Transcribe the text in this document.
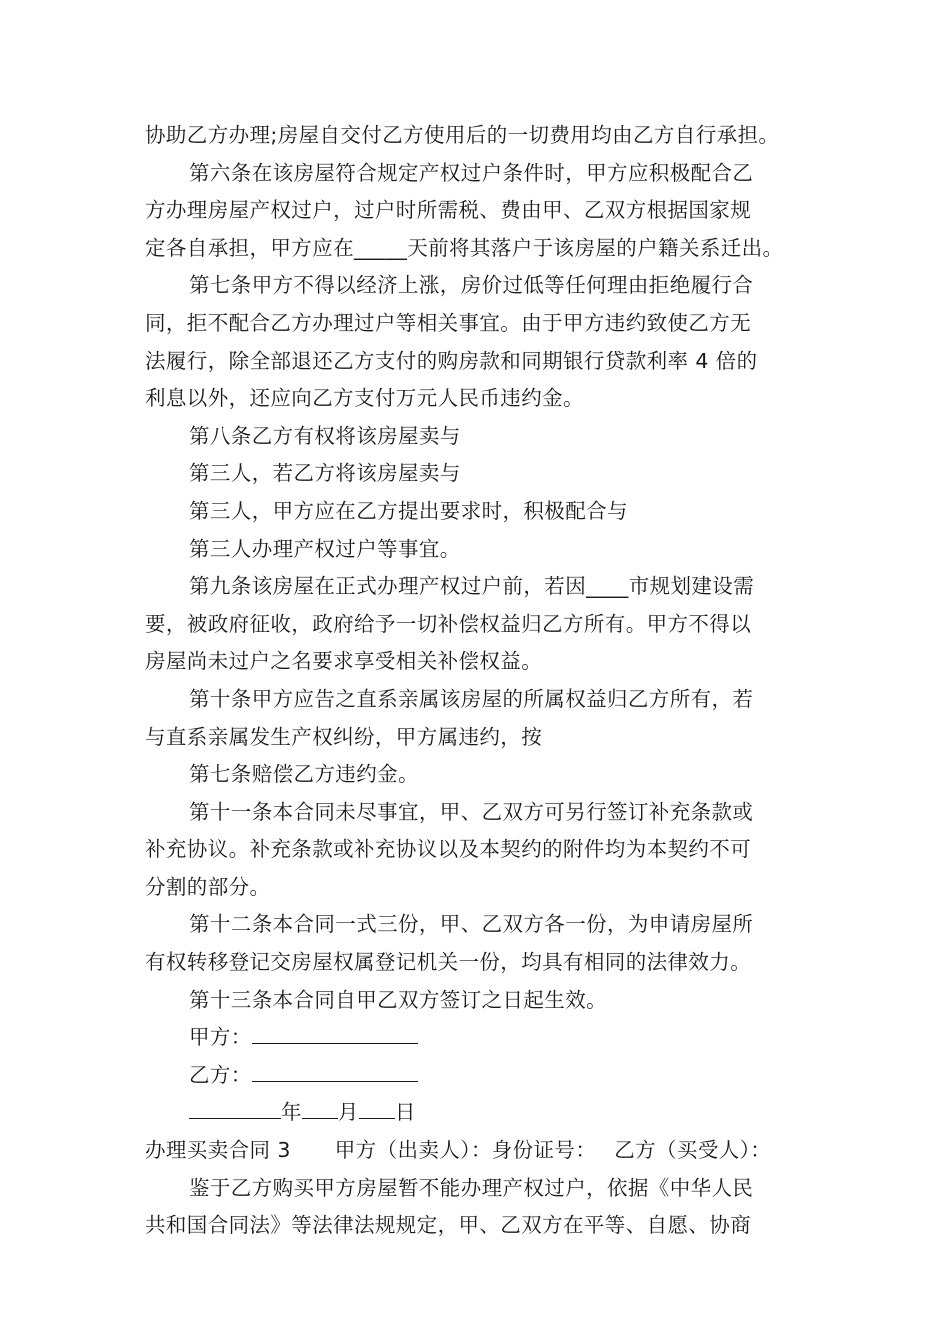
协助乙方办理;房屋自交付乙方使用后的一切费用均由乙方自行承担。
第六条在该房屋符合规定产权过户条件时，甲方应积极配合乙
方办理房屋产权过户，过户时所需税、费由甲、乙双方根据国家规
定各自承担，甲方应在_____天前将其落户于该房屋的户籍关系迁出。
第七条甲方不得以经济上涨，房价过低等任何理由拒绝履行合
同，拒不配合乙方办理过户等相关事宜。由于甲方违约致使乙方无
法履行，除全部退还乙方支付的购房款和同期银行贷款利率 4 倍的
利息以外，还应向乙方支付万元人民币违约金。
第八条乙方有权将该房屋卖与
第三人，若乙方将该房屋卖与
第三人，甲方应在乙方提出要求时，积极配合与
第三人办理产权过户等事宜。
第九条该房屋在正式办理产权过户前，若因____市规划建设需
要，被政府征收，政府给予一切补偿权益归乙方所有。甲方不得以
房屋尚未过户之名要求享受相关补偿权益。
第十条甲方应告之直系亲属该房屋的所属权益归乙方所有，若
与直系亲属发生产权纠纷，甲方属违约，按
第七条赔偿乙方违约金。
第十一条本合同未尽事宜，甲、乙双方可另行签订补充条款或
补充协议。补充条款或补充协议以及本契约的附件均为本契约不可
分割的部分。
第十二条本合同一式三份，甲、乙双方各一份，为申请房屋所
有权转移登记交房屋权属登记机关一份，均具有相同的法律效力。
第十三条本合同自甲乙双方签订之日起生效。
甲方：
乙方：
年 月 日
办理买卖合同 3 甲方（出卖人）：身份证号： 乙方（买受人）：
鉴于乙方购买甲方房屋暂不能办理产权过户，依据《中华人民
共和国合同法》等法律法规规定，甲、乙双方在平等、自愿、协商
